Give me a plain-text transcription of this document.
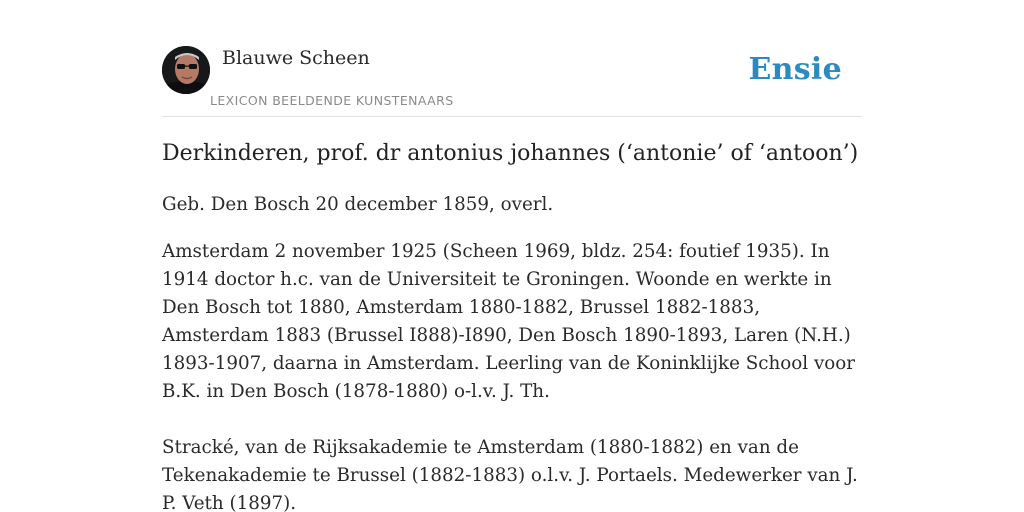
Blauwe Scheen
LEXICON BEELDENDE KUNSTENAARS
Ensie
Derkinderen, prof. dr antonius johannes (‘antonie’ of ‘antoon’)

Geb. Den Bosch 20 december 1859, overl.

Amsterdam 2 november 1925 (Scheen 1969, bldz. 254: foutief 1935). In 1914 doctor h.c. van de Universiteit te Groningen. Woonde en werkte in Den Bosch tot 1880, Amsterdam 1880-1882, Brussel 1882-1883, Amsterdam 1883 (Brussel I888)-I890, Den Bosch 1890-1893, Laren (N.H.) 1893-1907, daarna in Amsterdam. Leerling van de Koninklijke School voor B.K. in Den Bosch (1878-1880) o-l.v. J. Th.

Stracké, van de Rijksakademie te Amsterdam (1880-1882) en van de Tekenakademie te Brussel (1882-1883) o.l.v. J. Portaels. Medewerker van J. P. Veth (1897).
